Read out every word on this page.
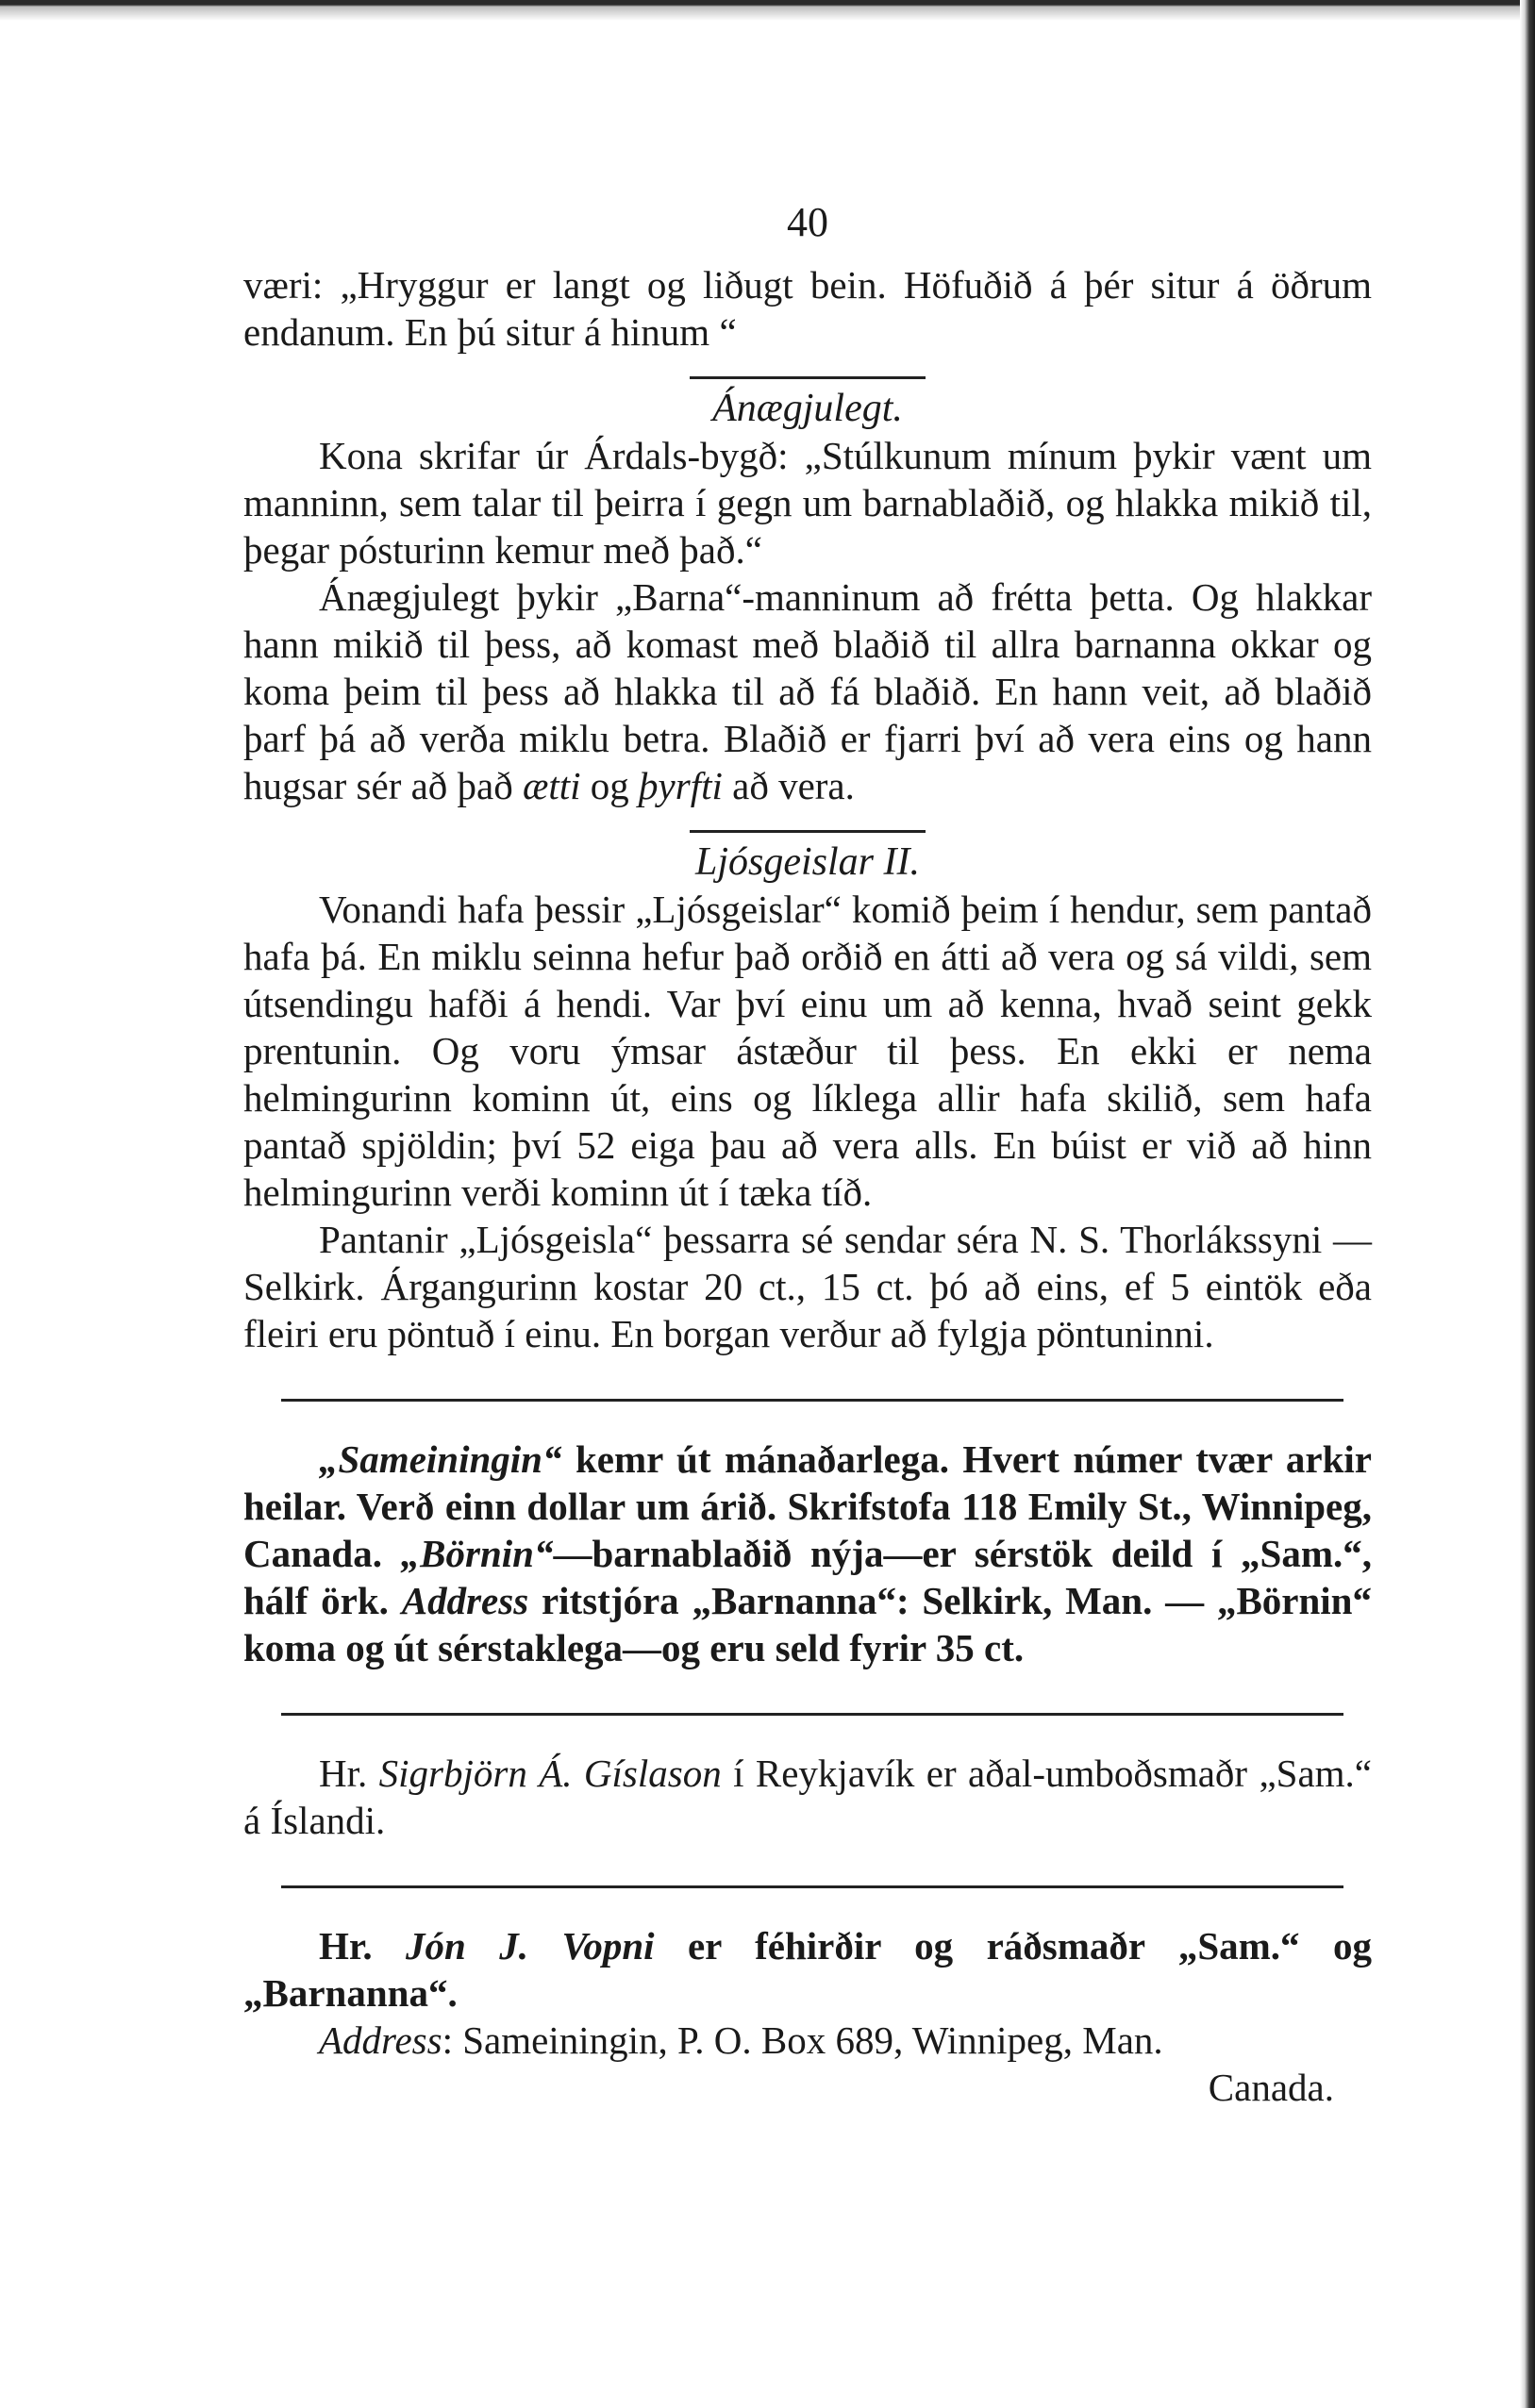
40

væri: „Hryggur er langt og liðugt bein. Höfuðið á þér situr á öðrum endanum. En þú situr á hinum “

Ánægjulegt.

Kona skrifar úr Árdals-bygð: „Stúlkunum mínum þykir vænt um manninn, sem talar til þeirra í gegn um barnablaðið, og hlakka mikið til, þegar pósturinn kemur með það.“

Ánægjulegt þykir „Barna“-manninum að frétta þetta. Og hlakkar hann mikið til þess, að komast með blaðið til allra barnanna okkar og koma þeim til þess að hlakka til að fá blaðið. En hann veit, að blaðið þarf þá að verða miklu betra. Blaðið er fjarri því að vera eins og hann hugsar sér að það ætti og þyrfti að vera.

Ljósgeislar II.

Vonandi hafa þessir „Ljósgeislar“ komið þeim í hendur, sem pantað hafa þá. En miklu seinna hefur það orðið en átti að vera og sá vildi, sem útsendingu hafði á hendi. Var því einu um að kenna, hvað seint gekk prentunin. Og voru ýmsar ástæður til þess. En ekki er nema helmingurinn kominn út, eins og líklega allir hafa skilið, sem hafa pantað spjöldin; því 52 eiga þau að vera alls. En búist er við að hinn helmingurinn verði kominn út í tæka tíð.

Pantanir „Ljósgeisla“ þessarra sé sendar séra N. S. Thorlákssyni — Selkirk. Árgangurinn kostar 20 ct., 15 ct. þó að eins, ef 5 eintök eða fleiri eru pöntuð í einu. En borgan verður að fylgja pöntuninni.

„Sameiningin“ kemr út mánaðarlega. Hvert númer tvær arkir heilar. Verð einn dollar um árið. Skrifstofa 118 Emily St., Winnipeg, Canada. „Börnin“—barnablaðið nýja—er sérstök deild í „Sam.“, hálf örk. Address ritstjóra „Barnanna“: Selkirk, Man. — „Börnin“ koma og út sérstaklega—og eru seld fyrir 35 ct.

Hr. Sigrbjörn Á. Gíslason í Reykjavík er aðal-umboðsmaðr „Sam.“ á Íslandi.

Hr. Jón J. Vopni er féhirðir og ráðsmaðr „Sam.“ og „Barnanna“.

Address: Sameiningin, P. O. Box 689, Winnipeg, Man.

Canada.
